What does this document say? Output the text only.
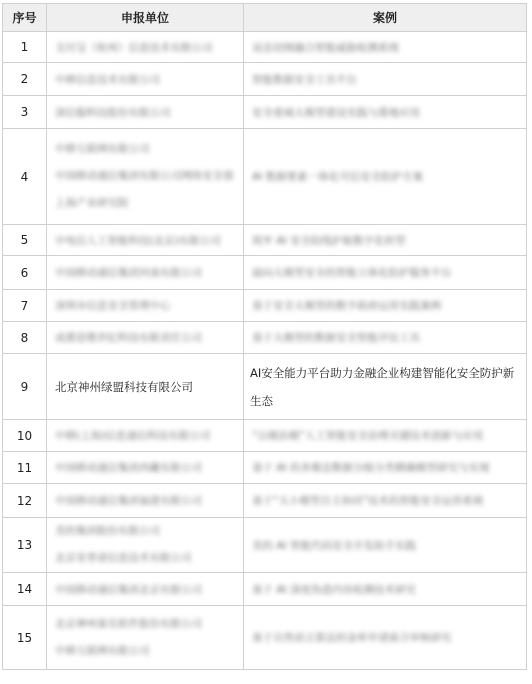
序号	申报单位	案例
1	支付宝（杭州）信息技术有限公司	双态切图融合智能威胁检测系统

2	中移信息技术有限公司	智能数据安全工具平台

3	深信服科技股份有限公司	安全重域大模型建设实践与落地应用

4	中移互联网有限公司
中国移动通信集团有限公司网络安全部
上海产业研究院	AI 数据要素一体化可信安全防护方案

5	中电信人工智能科技(北京)有限公司	筑牢 AI 安全防线护航数字化转型

6	中国移动通信集团河南有限公司	面向大模型安全的智能立体化防护服务平台

7	深圳市信息安全管理中心	基于安全大模型的数字政府运营实践案例

8	成都思维世纪科技有限责任公司	基于大模型的数据安全智能评估工具

9	北京神州绿盟科技有限公司	AI安全能力平台助力金融企业构建智能化安全防护新生态

10	中移(上海)信息通信科技有限公司	“以模治模”人工智能安全治理关键技术创新与应用

11	中国移动通信集团西藏有限公司	基于 AI 的多模态数据分级分类精确模型研究与实现

12	中国移动通信集团福建有限公司	基于“大小模型自主协同”技术的智能安全运营系统

13	美的集团股份有限公司
北京安普诺信息技术有限公司	美的 AI 智能代码安全开发助手实践

14	中国移动通信集团北京有限公司	基于 AI 深度伪造内容检测技术研究

15	北京神州泰岳软件股份有限公司
中移互联网有限公司	基于自然语言算法的金库申请需合审核研究
